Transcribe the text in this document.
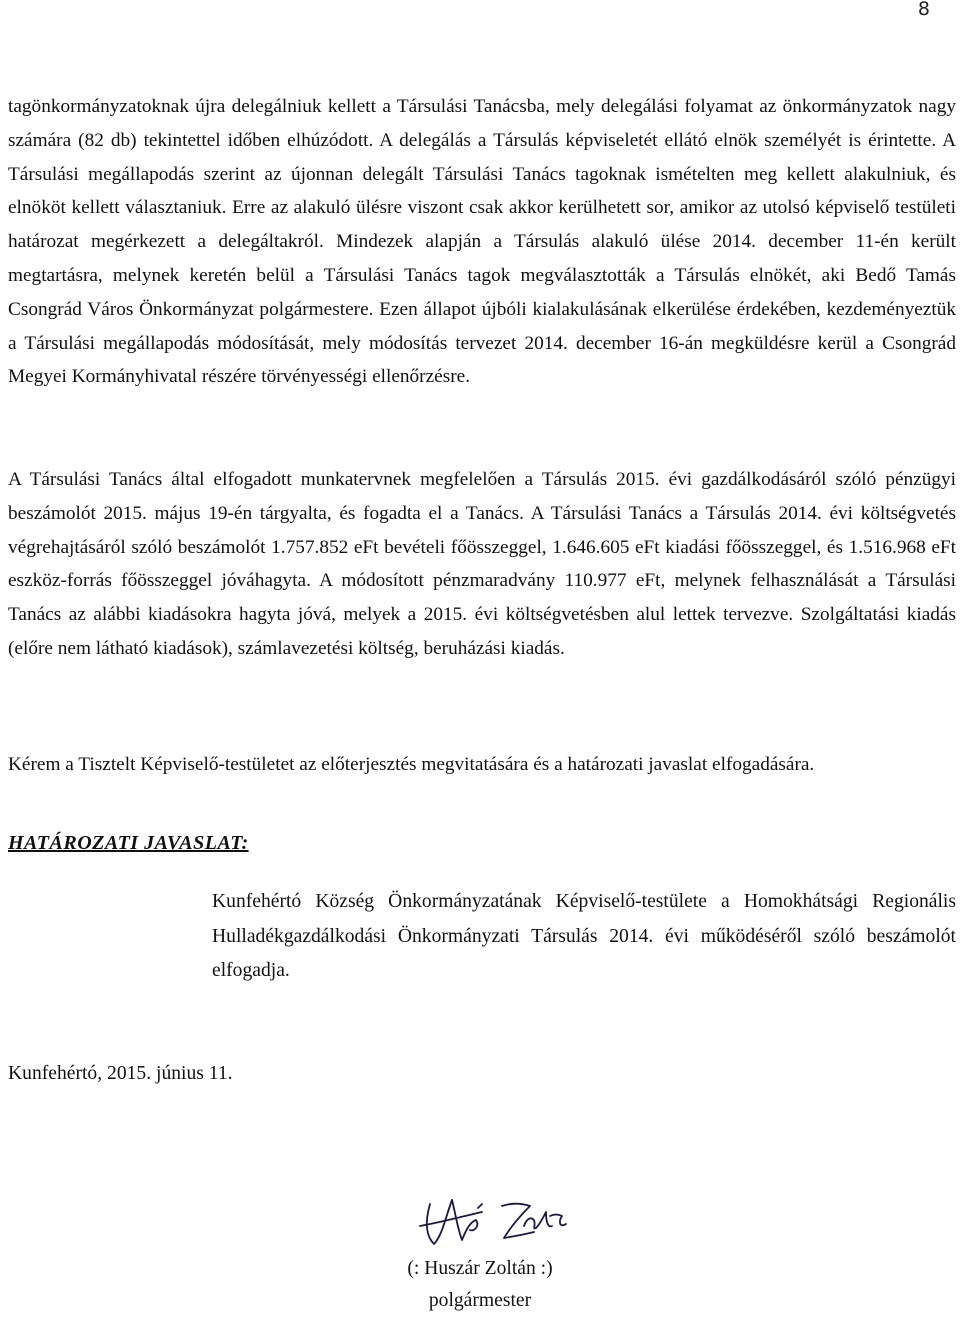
8

tagönkormányzatoknak újra delegálniuk kellett a Társulási Tanácsba, mely delegálási folyamat az önkormányzatok nagy számára (82 db) tekintettel időben elhúzódott. A delegálás a Társulás képviseletét ellátó elnök személyét is érintette. A Társulási megállapodás szerint az újonnan delegált Társulási Tanács tagoknak ismételten meg kellett alakulniuk, és elnököt kellett választaniuk. Erre az alakuló ülésre viszont csak akkor kerülhetett sor, amikor az utolsó képviselő testületi határozat megérkezett a delegáltakról. Mindezek alapján a Társulás alakuló ülése 2014. december 11-én került megtartásra, melynek keretén belül a Társulási Tanács tagok megválasztották a Társulás elnökét, aki Bedő Tamás Csongrád Város Önkormányzat polgármestere. Ezen állapot újbóli kialakulásának elkerülése érdekében, kezdeményeztük a Társulási megállapodás módosítását, mely módosítás tervezet 2014. december 16-án megküldésre kerül a Csongrád Megyei Kormányhivatal részére törvényességi ellenőrzésre.

A Társulási Tanács által elfogadott munkatervnek megfelelően a Társulás 2015. évi gazdálkodásáról szóló pénzügyi beszámolót 2015. május 19-én tárgyalta, és fogadta el a Tanács. A Társulási Tanács a Társulás 2014. évi költségvetés végrehajtásáról szóló beszámolót 1.757.852 eFt bevételi főösszeggel, 1.646.605 eFt kiadási főösszeggel, és 1.516.968 eFt eszköz-forrás főösszeggel jóváhagyta. A módosított pénzmaradvány 110.977 eFt, melynek felhasználását a Társulási Tanács az alábbi kiadásokra hagyta jóvá, melyek a 2015. évi költségvetésben alul lettek tervezve. Szolgáltatási kiadás (előre nem látható kiadások), számlavezetési költség, beruházási kiadás.

Kérem a Tisztelt Képviselő-testületet az előterjesztés megvitatására és a határozati javaslat elfogadására.

HATÁROZATI JAVASLAT:

Kunfehértó Község Önkormányzatának Képviselő-testülete a Homokhátsági Regionális Hulladékgazdálkodási Önkormányzati Társulás 2014. évi működéséről szóló beszámolót elfogadja.

Kunfehértó, 2015. június 11.

(: Huszár Zoltán :)

polgármester
